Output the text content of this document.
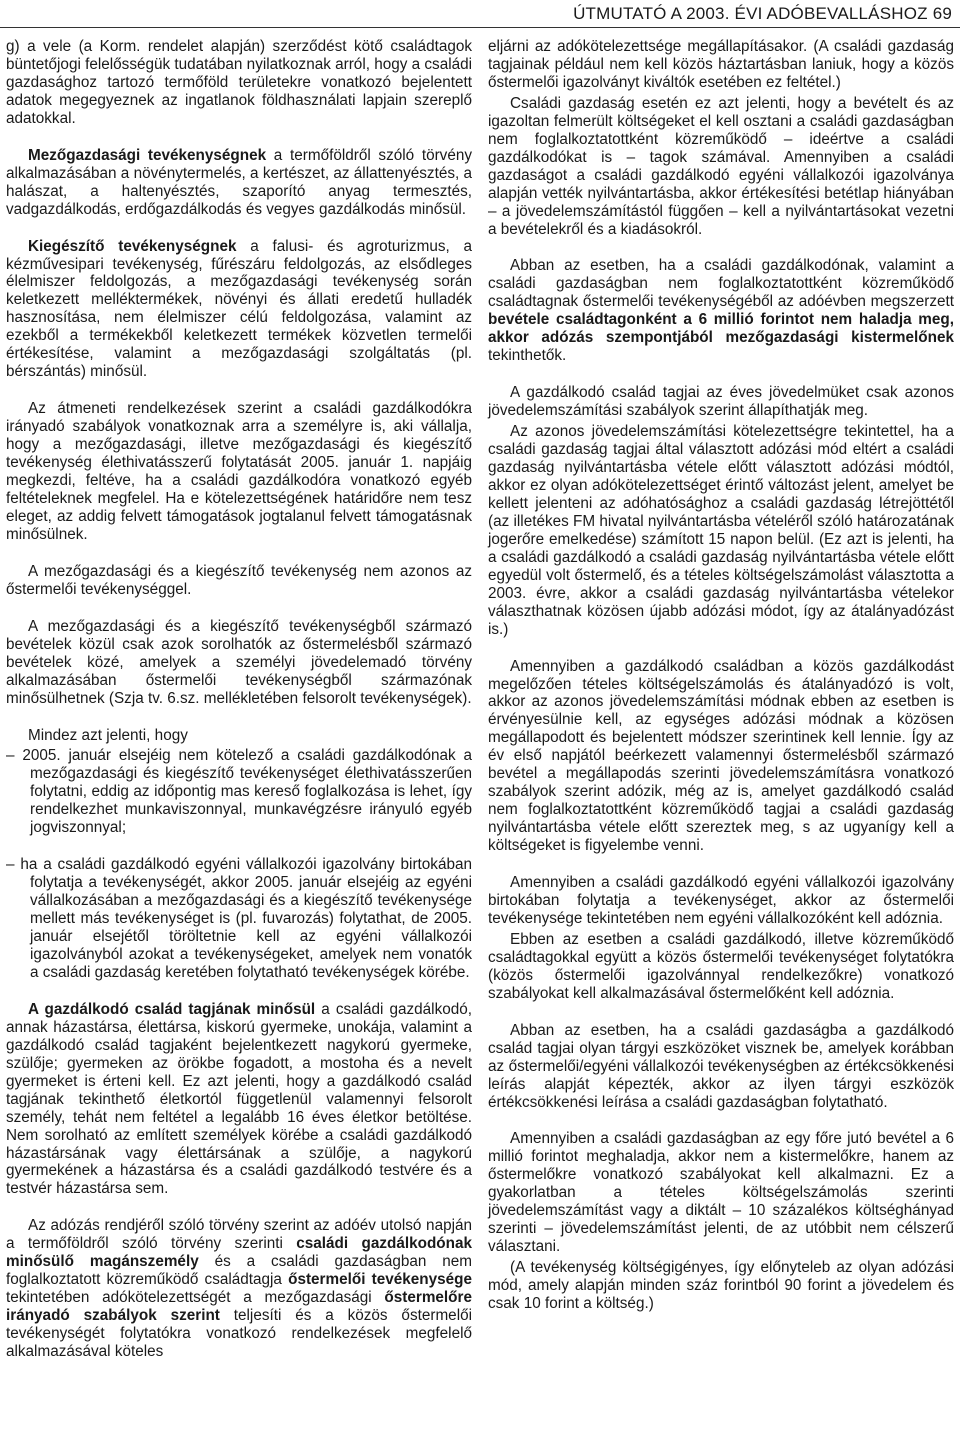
ÚTMUTATÓ A 2003. ÉVI ADÓBEVALLÁSHOZ 69

g) a vele (a Korm. rendelet alapján) szerződést kötő családtagok büntetőjogi felelősségük tudatában nyilatkoznak arról, hogy a családi gazdasághoz tartozó termőföld területekre vonatkozó bejelentett adatok megegyeznek az ingatlanok földhasználati lapjain szereplő adatokkal.

Mezőgazdasági tevékenységnek a termőföldről szóló törvény alkalmazásában a növénytermelés, a kertészet, az állattenyésztés, a halászat, a haltenyésztés, szaporító anyag termesztés, vadgazdálkodás, erdőgazdálkodás és vegyes gazdálkodás minősül.

Kiegészítő tevékenységnek a falusi- és agroturizmus, a kézművesipari tevékenység, fűrészáru feldolgozás, az elsődleges élelmiszer feldolgozás, a mezőgazdasági tevékenység során keletkezett melléktermékek, növényi és állati eredetű hulladék hasznosítása, nem élelmiszer célú feldolgozása, valamint az ezekből a termékekből keletkezett termékek közvetlen termelői értékesítése, valamint a mezőgazdasági szolgáltatás (pl. bérszántás) minősül.

Az átmeneti rendelkezések szerint a családi gazdálkodókra irányadó szabályok vonatkoznak arra a személyre is, aki vállalja, hogy a mezőgazdasági, illetve mezőgazdasági és kiegészítő tevékenység élethivatásszerű folytatását 2005. január 1. napjáig megkezdi, feltéve, ha a családi gazdálkodóra vonatkozó egyéb feltételeknek megfelel. Ha e kötelezettségének határidőre nem tesz eleget, az addig felvett támogatások jogtalanul felvett támogatásnak minősülnek.

A mezőgazdasági és a kiegészítő tevékenység nem azonos az őstermelői tevékenységgel.

A mezőgazdasági és a kiegészítő tevékenységből származó bevételek közül csak azok sorolhatók az őstermelésből származó bevételek közé, amelyek a személyi jövedelemadó törvény alkalmazásában őstermelői tevékenységből származónak minősülhetnek (Szja tv. 6.sz. mellékletében felsorolt tevékenységek).

Mindez azt jelenti, hogy

– 2005. január elsejéig nem kötelező a családi gazdálkodónak a mezőgazdasági és kiegészítő tevékenységet élethivatásszerűen folytatni, eddig az időpontig mas kereső foglalkozása is lehet, így rendelkezhet munkaviszonnyal, munkavégzésre irányuló egyéb jogviszonnyal;
– ha a családi gazdálkodó egyéni vállalkozói igazolvány birtokában folytatja a tevékenységét, akkor 2005. január elsejéig az egyéni vállalkozásában a mezőgazdasági és a kiegészítő tevékenysége mellett más tevékenységet is (pl. fuvarozás) folytathat, de 2005. január elsejétől töröltetnie kell az egyéni vállalkozói igazolványból azokat a tevékenységeket, amelyek nem vonatók a családi gazdaság keretében folytatható tevékenységek körébe.

A gazdálkodó család tagjának minősül a családi gazdálkodó, annak házastársa, élettársa, kiskorú gyermeke, unokája, valamint a gazdálkodó család tagjaként bejelentkezett nagykorú gyermeke, szülője; gyermeken az örökbe fogadott, a mostoha és a nevelt gyermeket is érteni kell. Ez azt jelenti, hogy a gazdálkodó család tagjának tekinthető életkortól függetlenül valamennyi felsorolt személy, tehát nem feltétel a legalább 16 éves életkor betöltése. Nem sorolható az említett személyek körébe a családi gazdálkodó házastársának vagy élettársának a szülője, a nagykorú gyermekének a házastársa és a családi gazdálkodó testvére és a testvér házastársa sem.

Az adózás rendjéről szóló törvény szerint az adóév utolsó napján a termőföldről szóló törvény szerinti családi gazdálkodónak minősülő magánszemély és a családi gazdaságban nem foglalkoztatott közreműködő családtagja őstermelői tevékenysége tekintetében adókötelezettségét a mezőgazdasági őstermelőre irányadó szabályok szerint teljesíti és a közös őstermelői tevékenységét folytatókra vonatkozó rendelkezések megfelelő alkalmazásával köteles

eljárni az adókötelezettsége megállapításakor. (A családi gazdaság tagjainak például nem kell közös háztartásban laniuk, hogy a közös őstermelői igazolványt kiváltók esetében ez feltétel.)

Családi gazdaság esetén ez azt jelenti, hogy a bevételt és az igazoltan felmerült költségeket el kell osztani a családi gazdaságban nem foglalkoztatottként közreműködő – ideértve a családi gazdálkodókat is – tagok számával. Amennyiben a családi gazdaságot a családi gazdálkodó egyéni vállalkozói igazolványa alapján vették nyilvántartásba, akkor értékesítési betétlap hiányában – a jövedelemszámítástól függően – kell a nyilvántartásokat vezetni a bevételekről és a kiadásokról.

Abban az esetben, ha a családi gazdálkodónak, valamint a családi gazdaságban nem foglalkoztatottként közreműködő családtagnak őstermelői tevékenységéből az adóévben megszerzett bevétele családtagonként a 6 millió forintot nem haladja meg, akkor adózás szempontjából mezőgazdasági kistermelőnek tekinthetők.

A gazdálkodó család tagjai az éves jövedelmüket csak azonos jövedelemszámítási szabályok szerint állapíthatják meg.

Az azonos jövedelemszámítási kötelezettségre tekintettel, ha a családi gazdaság tagjai által választott adózási mód eltért a családi gazdaság nyilvántartásba vétele előtt választott adózási módtól, akkor ez olyan adókötelezettséget érintő változást jelent, amelyet be kellett jelenteni az adóhatósághoz a családi gazdaság létrejöttétől (az illetékes FM hivatal nyilvántartásba vételéről szóló határozatának jogerőre emelkedése) számított 15 napon belül. (Ez azt is jelenti, ha a családi gazdálkodó a családi gazdaság nyilvántartásba vétele előtt egyedül volt őstermelő, és a tételes költségelszámolást választotta a 2003. évre, akkor a családi gazdaság nyilvántartásba vételekor választhatnak közösen újabb adózási módot, így az átalányadózást is.)

Amennyiben a gazdálkodó családban a közös gazdálkodást megelőzően tételes költségelszámolás és átalányadózó is volt, akkor az azonos jövedelemszámítási módnak ebben az esetben is érvényesülnie kell, az egységes adózási módnak a közösen megállapodott és bejelentett módszer szerintinek kell lennie. Így az év első napjától beérkezett valamennyi őstermelésből származó bevétel a megállapodás szerinti jövedelemszámításra vonatkozó szabályok szerint adózik, még az is, amelyet gazdálkodó család nem foglalkoztatottként közreműködő tagjai a családi gazdaság nyilvántartásba vétele előtt szereztek meg, s az ugyanígy kell a költségeket is figyelembe venni.

Amennyiben a családi gazdálkodó egyéni vállalkozói igazolvány birtokában folytatja a tevékenységet, akkor az őstermelői tevékenysége tekintetében nem egyéni vállalkozóként kell adóznia.

Ebben az esetben a családi gazdálkodó, illetve közreműködő családtagokkal együtt a közös őstermelői tevékenységet folytatókra (közös őstermelői igazolvánnyal rendelkezőkre) vonatkozó szabályokat kell alkalmazásával őstermelőként kell adóznia.

Abban az esetben, ha a családi gazdaságba a gazdálkodó család tagjai olyan tárgyi eszközöket visznek be, amelyek korábban az őstermelői/egyéni vállalkozói tevékenységben az értékcsökkenési leírás alapját képezték, akkor az ilyen tárgyi eszközök értékcsökkenési leírása a családi gazdaságban folytatható.

Amennyiben a családi gazdaságban az egy főre jutó bevétel a 6 millió forintot meghaladja, akkor nem a kistermelőkre, hanem az őstermelőkre vonatkozó szabályokat kell alkalmazni. Ez a gyakorlatban a tételes költségelszámolás szerinti jövedelemszámítást vagy a diktált – 10 százalékos költséghányad szerinti – jövedelemszámítást jelenti, de az utóbbit nem célszerű választani.

(A tevékenység költségigényes, így előnyteleb az olyan adózási mód, amely alapján minden száz forintból 90 forint a jövedelem és csak 10 forint a költség.)
